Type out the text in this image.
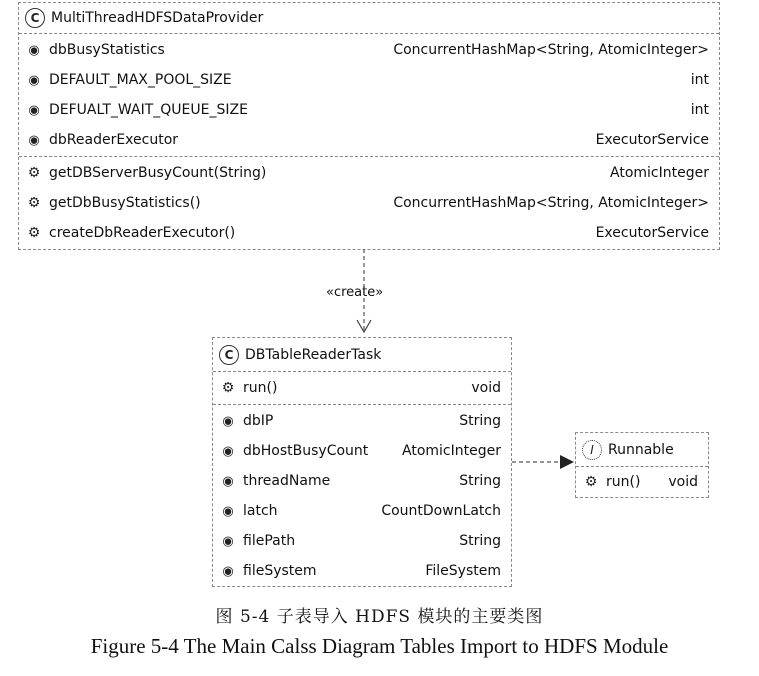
C MultiThreadHDFSDataProvider
◉
dbBusyStatistics	ConcurrentHashMap<String, AtomicInteger>
◉
DEFAULT_MAX_POOL_SIZE	int
◉
DEFUALT_WAIT_QUEUE_SIZE	int
◉
dbReaderExecutor	ExecutorService
⚙
getDBServerBusyCount(String)	AtomicInteger
⚙
getDbBusyStatistics()	ConcurrentHashMap<String, AtomicInteger>
⚙
createDbReaderExecutor()	ExecutorService
«create»
C DBTableReaderTask
⚙
run()	void
◉
dbIP	String
◉
dbHostBusyCount AtomicInteger
◉
threadName	String
◉
latch	CountDownLatch
◉
filePath	String
◉
fileSystem	FileSystem
I	Runnable
⚙
run() void
图 5-4 子表导入 HDFS 模块的主要类图
Figure 5-4 The Main Calss Diagram Tables Import to HDFS Module
